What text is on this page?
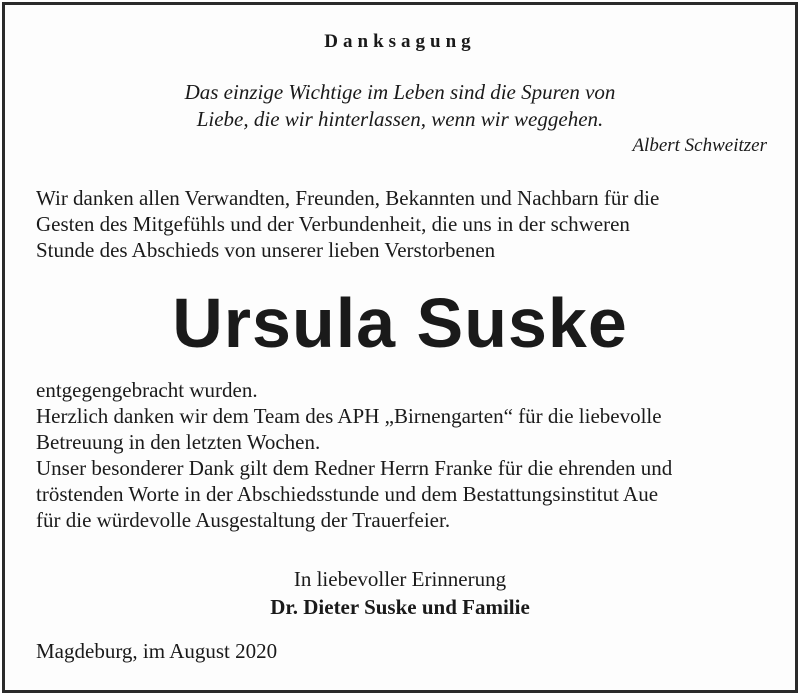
Danksagung
Das einzige Wichtige im Leben sind die Spuren von
Liebe, die wir hinterlassen, wenn wir weggehen.
Albert Schweitzer
Wir danken allen Verwandten, Freunden, Bekannten und Nachbarn für die
Gesten des Mitgefühls und der Verbundenheit, die uns in der schweren
Stunde des Abschieds von unserer lieben Verstorbenen
Ursula Suske
entgegengebracht wurden.
Herzlich danken wir dem Team des APH „Birnengarten“ für die liebevolle
Betreuung in den letzten Wochen.
Unser besonderer Dank gilt dem Redner Herrn Franke für die ehrenden und
tröstenden Worte in der Abschiedsstunde und dem Bestattungsinstitut Aue
für die würdevolle Ausgestaltung der Trauerfeier.
In liebevoller Erinnerung
Dr. Dieter Suske und Familie
Magdeburg, im August 2020
